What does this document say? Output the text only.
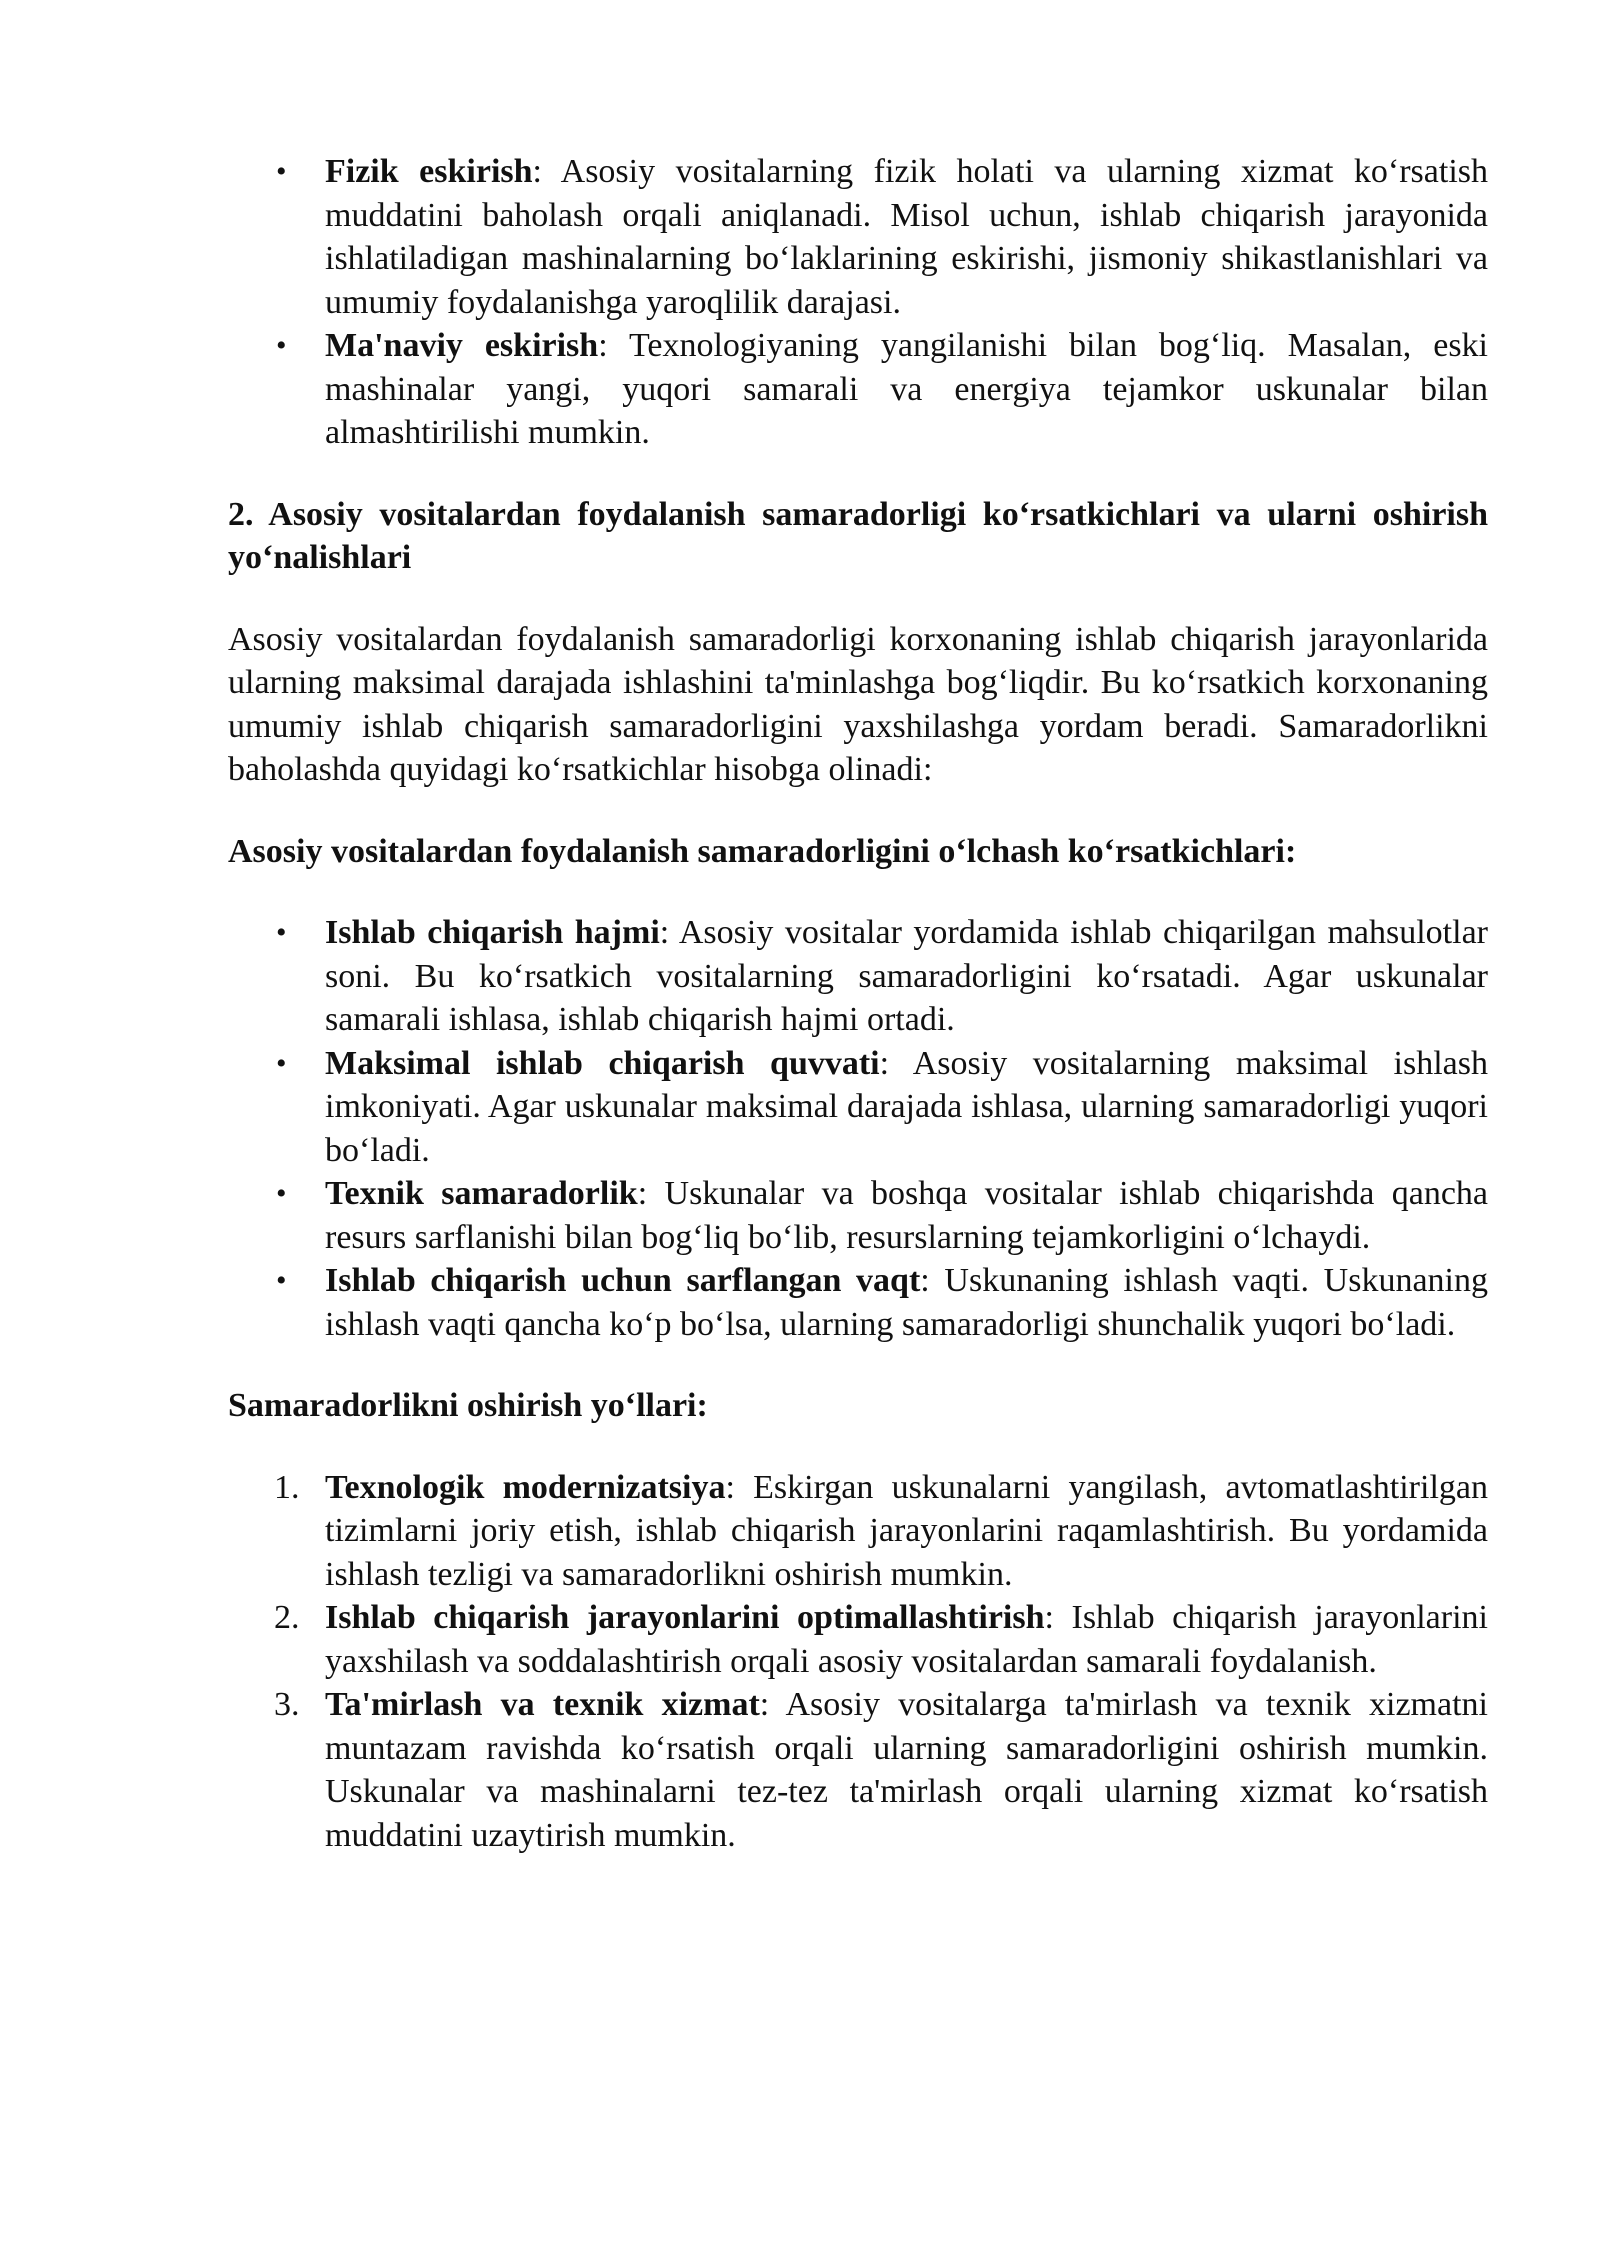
• Fizik eskirish: Asosiy vositalarning fizik holati va ularning xizmat koʻrsatish muddatini baholash orqali aniqlanadi. Misol uchun, ishlab chiqarish jarayonida ishlatiladigan mashinalarning boʻlaklarining eskirishi, jismoniy shikastlanishlari va umumiy foydalanishga yaroqlilik darajasi.
• Ma'naviy eskirish: Texnologiyaning yangilanishi bilan bogʻliq. Masalan, eski mashinalar yangi, yuqori samarali va energiya tejamkor uskunalar bilan almashtirilishi mumkin.

2. Asosiy vositalardan foydalanish samaradorligi koʻrsatkichlari va ularni oshirish yoʻnalishlari

Asosiy vositalardan foydalanish samaradorligi korxonaning ishlab chiqarish jarayonlarida ularning maksimal darajada ishlashini ta'minlashga bogʻliqdir. Bu koʻrsatkich korxonaning umumiy ishlab chiqarish samaradorligini yaxshilashga yordam beradi. Samaradorlikni baholashda quyidagi koʻrsatkichlar hisobga olinadi:

Asosiy vositalardan foydalanish samaradorligini oʻlchash koʻrsatkichlari:

• Ishlab chiqarish hajmi: Asosiy vositalar yordamida ishlab chiqarilgan mahsulotlar soni. Bu koʻrsatkich vositalarning samaradorligini koʻrsatadi. Agar uskunalar samarali ishlasa, ishlab chiqarish hajmi ortadi.
• Maksimal ishlab chiqarish quvvati: Asosiy vositalarning maksimal ishlash imkoniyati. Agar uskunalar maksimal darajada ishlasa, ularning samaradorligi yuqori boʻladi.
• Texnik samaradorlik: Uskunalar va boshqa vositalar ishlab chiqarishda qancha resurs sarflanishi bilan bogʻliq boʻlib, resurslarning tejamkorligini oʻlchaydi.
• Ishlab chiqarish uchun sarflangan vaqt: Uskunaning ishlash vaqti. Uskunaning ishlash vaqti qancha koʻp boʻlsa, ularning samaradorligi shunchalik yuqori boʻladi.

Samaradorlikni oshirish yoʻllari:

1. Texnologik modernizatsiya: Eskirgan uskunalarni yangilash, avtomatlashtirilgan tizimlarni joriy etish, ishlab chiqarish jarayonlarini raqamlashtirish. Bu yordamida ishlash tezligi va samaradorlikni oshirish mumkin.
2. Ishlab chiqarish jarayonlarini optimallashtirish: Ishlab chiqarish jarayonlarini yaxshilash va soddalashtirish orqali asosiy vositalardan samarali foydalanish.
3. Ta'mirlash va texnik xizmat: Asosiy vositalarga ta'mirlash va texnik xizmatni muntazam ravishda koʻrsatish orqali ularning samaradorligini oshirish mumkin. Uskunalar va mashinalarni tez-tez ta'mirlash orqali ularning xizmat koʻrsatish muddatini uzaytirish mumkin.
